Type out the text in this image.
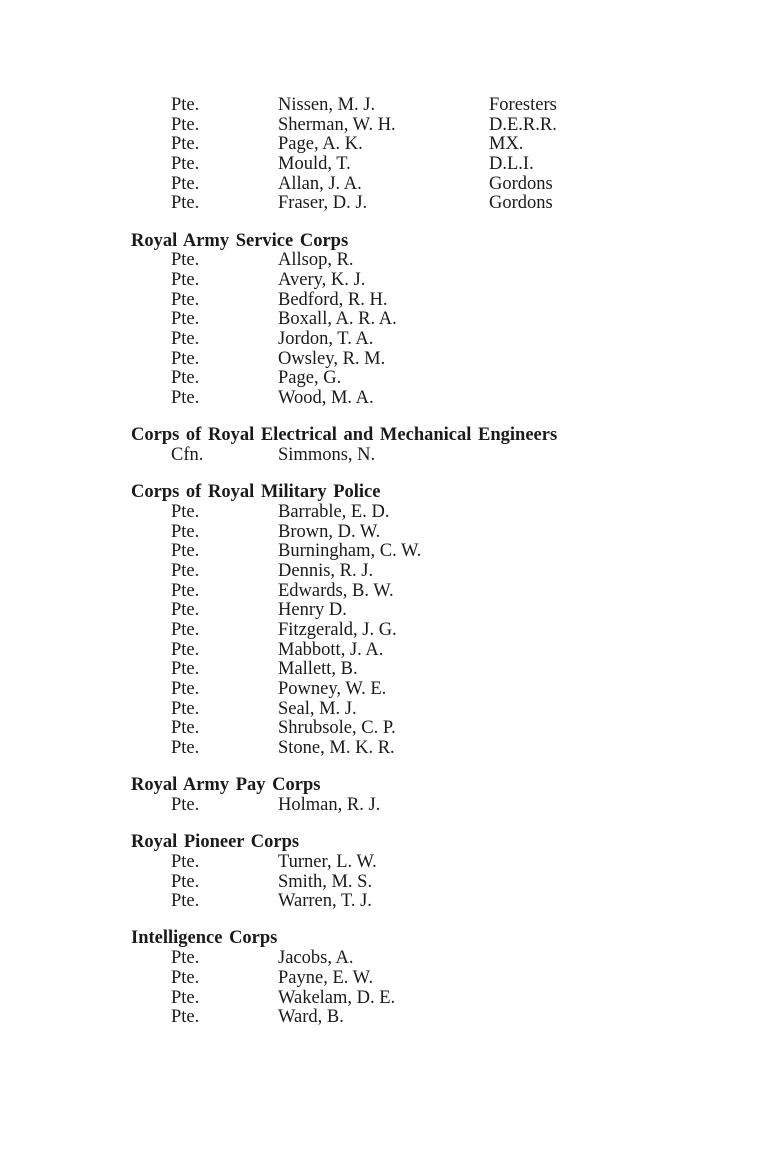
Pte.	Nissen, M. J.	Foresters
Pte.	Sherman, W. H.	D.E.R.R.
Pte.	Page, A. K.	MX.
Pte.	Mould, T.	D.L.I.
Pte.	Allan, J. A.	Gordons
Pte.	Fraser, D. J.	Gordons
Royal Army Service Corps
Pte.	Allsop, R.
Pte.	Avery, K. J.
Pte.	Bedford, R. H.
Pte.	Boxall, A. R. A.
Pte.	Jordon, T. A.
Pte.	Owsley, R. M.
Pte.	Page, G.
Pte.	Wood, M. A.
Corps of Royal Electrical and Mechanical Engineers
Cfn.	Simmons, N.
Corps of Royal Military Police
Pte.	Barrable, E. D.
Pte.	Brown, D. W.
Pte.	Burningham, C. W.
Pte.	Dennis, R. J.
Pte.	Edwards, B. W.
Pte.	Henry D.
Pte.	Fitzgerald, J. G.
Pte.	Mabbott, J. A.
Pte.	Mallett, B.
Pte.	Powney, W. E.
Pte.	Seal, M. J.
Pte.	Shrubsole, C. P.
Pte.	Stone, M. K. R.
Royal Army Pay Corps
Pte.	Holman, R. J.
Royal Pioneer Corps
Pte.	Turner, L. W.
Pte.	Smith, M. S.
Pte.	Warren, T. J.
Intelligence Corps
Pte.	Jacobs, A.
Pte.	Payne, E. W.
Pte.	Wakelam, D. E.
Pte.	Ward, B.
